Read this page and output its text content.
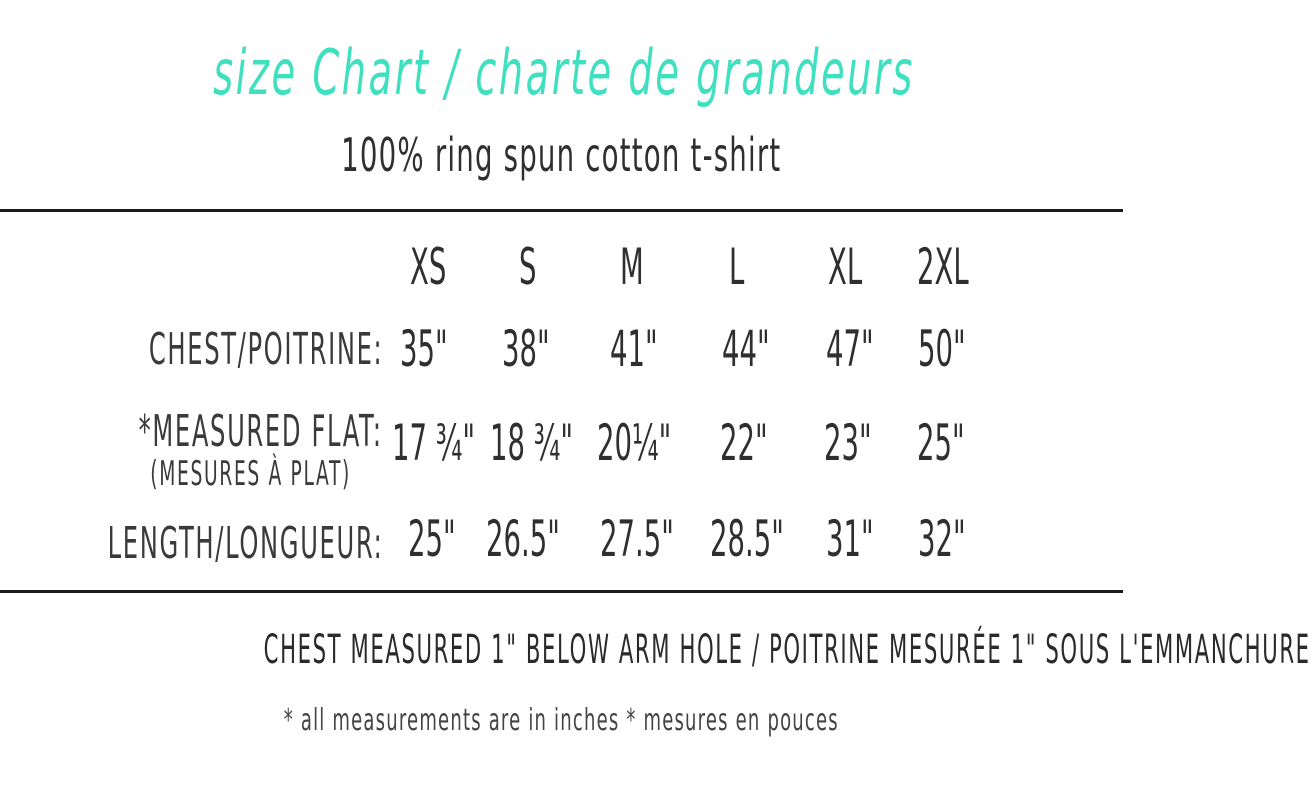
size Chart / charte de grandeurs
100% ring spun cotton t-shirt
XS S M L XL 2XL
CHEST/POITRINE: 35" 38" 41" 44" 47" 50"
*MEASURED FLAT:
(MESURES À PLAT)
17 ¾" 18 ¾" 20¼" 22" 23" 25"
LENGTH/LONGUEUR: 25" 26.5" 27.5" 28.5" 31" 32"
CHEST MEASURED 1" BELOW ARM HOLE / POITRINE MESURÉE 1" SOUS L'EMMANCHURE
* all measurements are in inches * mesures en pouces
